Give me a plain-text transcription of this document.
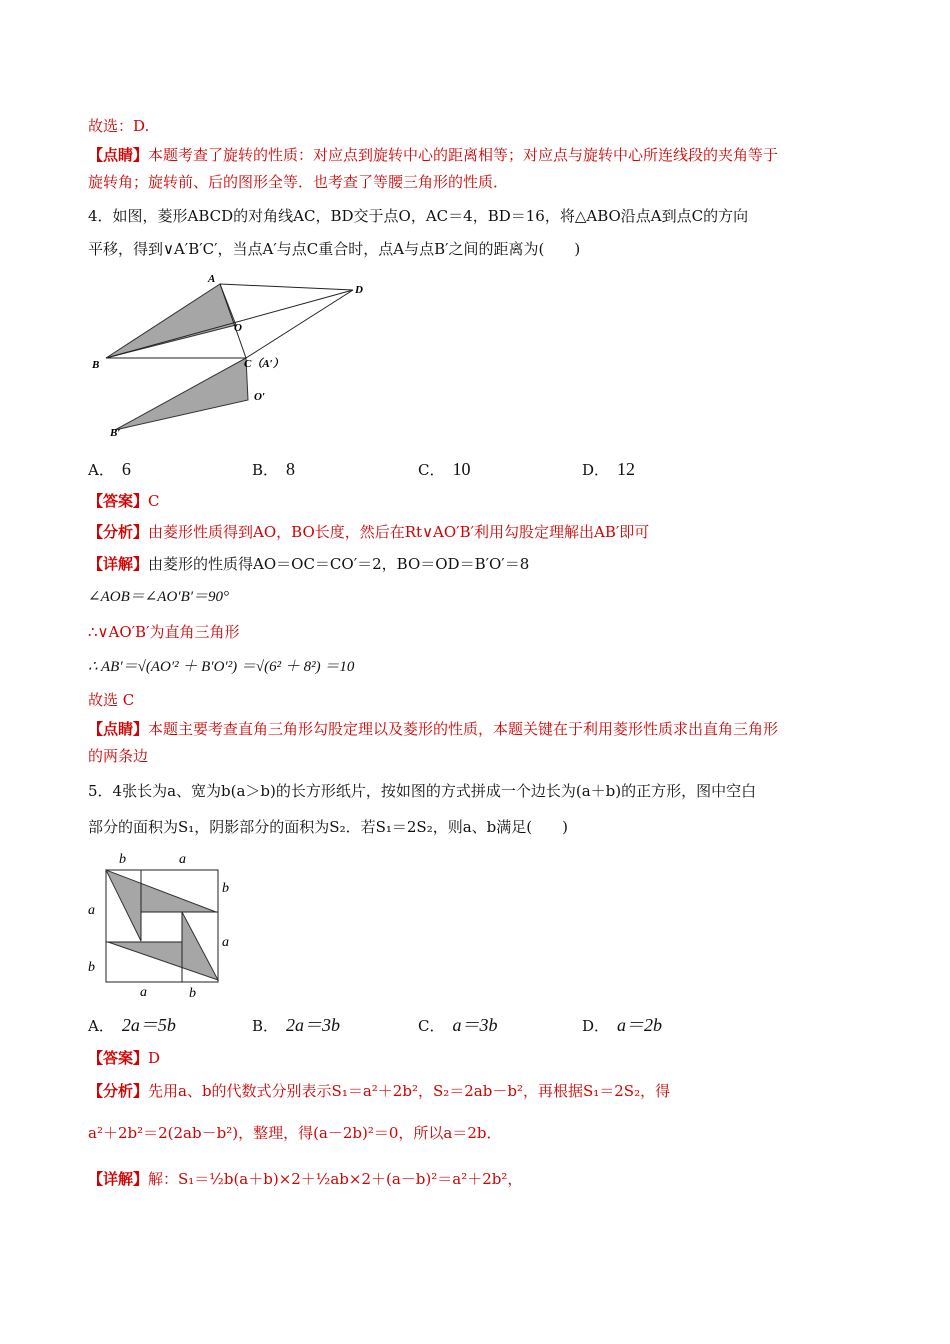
故选：D.
【点睛】本题考查了旋转的性质：对应点到旋转中心的距离相等；对应点与旋转中心所连线段的夹角等于
旋转角；旋转前、后的图形全等．也考查了等腰三角形的性质．
4．如图，菱形ABCD的对角线AC，BD交于点O，AC＝4，BD＝16，将△ABO沿点A到点C的方向
平移，得到∨A′B′C′，当点A′与点C重合时，点A与点B′之间的距离为(　　)
A
D
O
B	C（A′）
O′
B′
A． 6	B． 8	C． 10	D． 12
【答案】C
【分析】由菱形性质得到AO，BO长度，然后在Rt∨AO′B′利用勾股定理解出AB′即可
【详解】由菱形的性质得AO＝OC＝CO′＝2，BO＝OD＝B′O′＝8
∠AOB＝∠AO′B′＝90°
∴∨AO′B′为直角三角形
∴ AB′＝√(AO′² ＋ B′O′²) ＝√(6² ＋ 8²) ＝10
故选 C
【点睛】本题主要考查直角三角形勾股定理以及菱形的性质，本题关键在于利用菱形性质求出直角三角形
的两条边
5．4张长为a、宽为b(a＞b)的长方形纸片，按如图的方式拼成一个边长为(a＋b)的正方形，图中空白
部分的面积为S₁，阴影部分的面积为S₂．若S₁＝2S₂，则a、b满足(　　)
b	a
a
b
b
a
a	b
A． 2a＝5b	B． 2a＝3b	C． a＝3b	D． a＝2b
【答案】D
【分析】先用a、b的代数式分别表示S₁＝a²＋2b²，S₂＝2ab－b²，再根据S₁＝2S₂，得
a²＋2b²＝2(2ab－b²)，整理，得(a－2b)²＝0，所以a＝2b．
【详解】解：S₁＝½b(a＋b)×2＋½ab×2＋(a－b)²＝a²＋2b²，
